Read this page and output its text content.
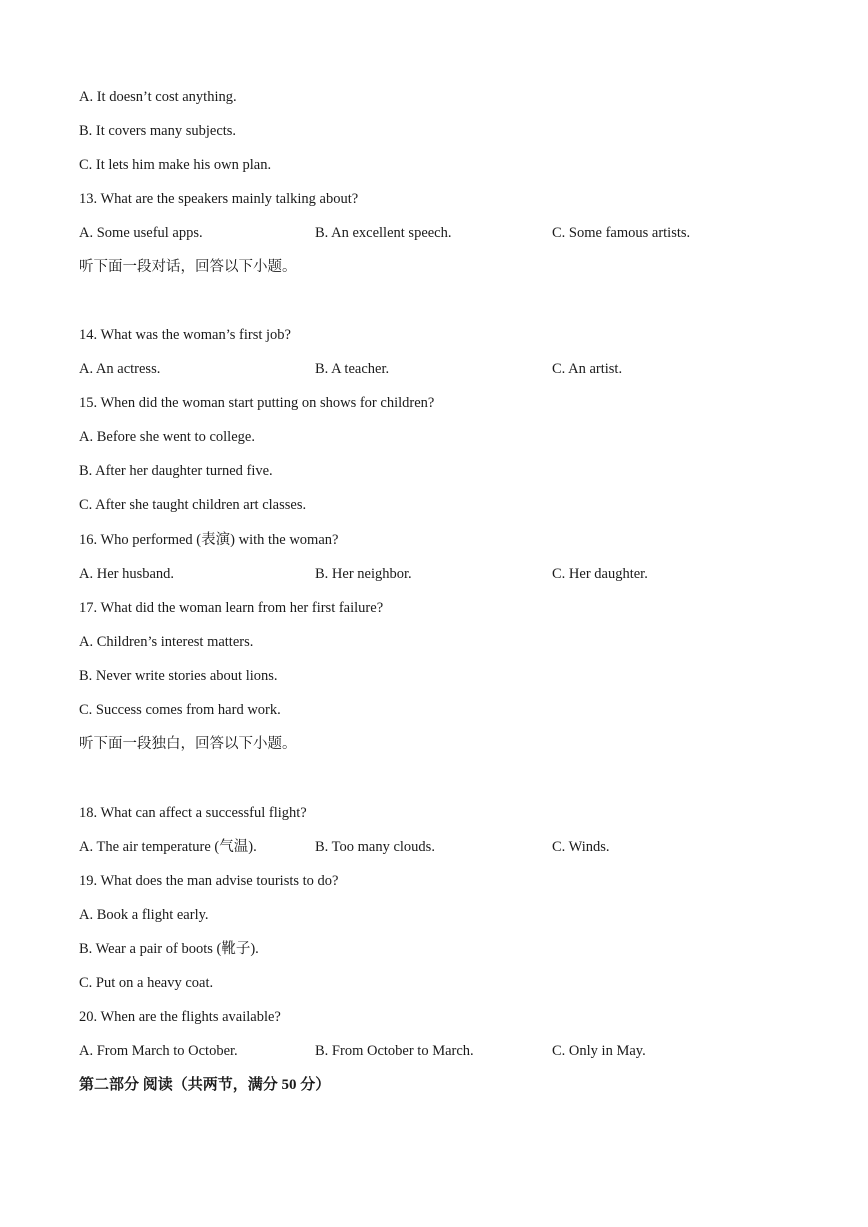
A. It doesn’t cost anything.
B. It covers many subjects.
C. It lets him make his own plan.
13. What are the speakers mainly talking about?
A. Some useful apps.	B. An excellent speech.	C. Some famous artists.
听下面一段对话，回答以下小题。
14. What was the woman’s first job?
A. An actress.	B. A teacher.	C. An artist.
15. When did the woman start putting on shows for children?
A. Before she went to college.
B. After her daughter turned five.
C. After she taught children art classes.
16. Who performed (表演) with the woman?
A. Her husband.	B. Her neighbor.	C. Her daughter.
17. What did the woman learn from her first failure?
A. Children’s interest matters.
B. Never write stories about lions.
C. Success comes from hard work.
听下面一段独白，回答以下小题。
18. What can affect a successful flight?
A. The air temperature (气温).	B. Too many clouds.	C. Winds.
19. What does the man advise tourists to do?
A. Book a flight early.
B. Wear a pair of boots (靴子).
C. Put on a heavy coat.
20. When are the flights available?
A. From March to October.	B. From October to March.	C. Only in May.
第二部分 阅读（共两节，满分 50 分）
